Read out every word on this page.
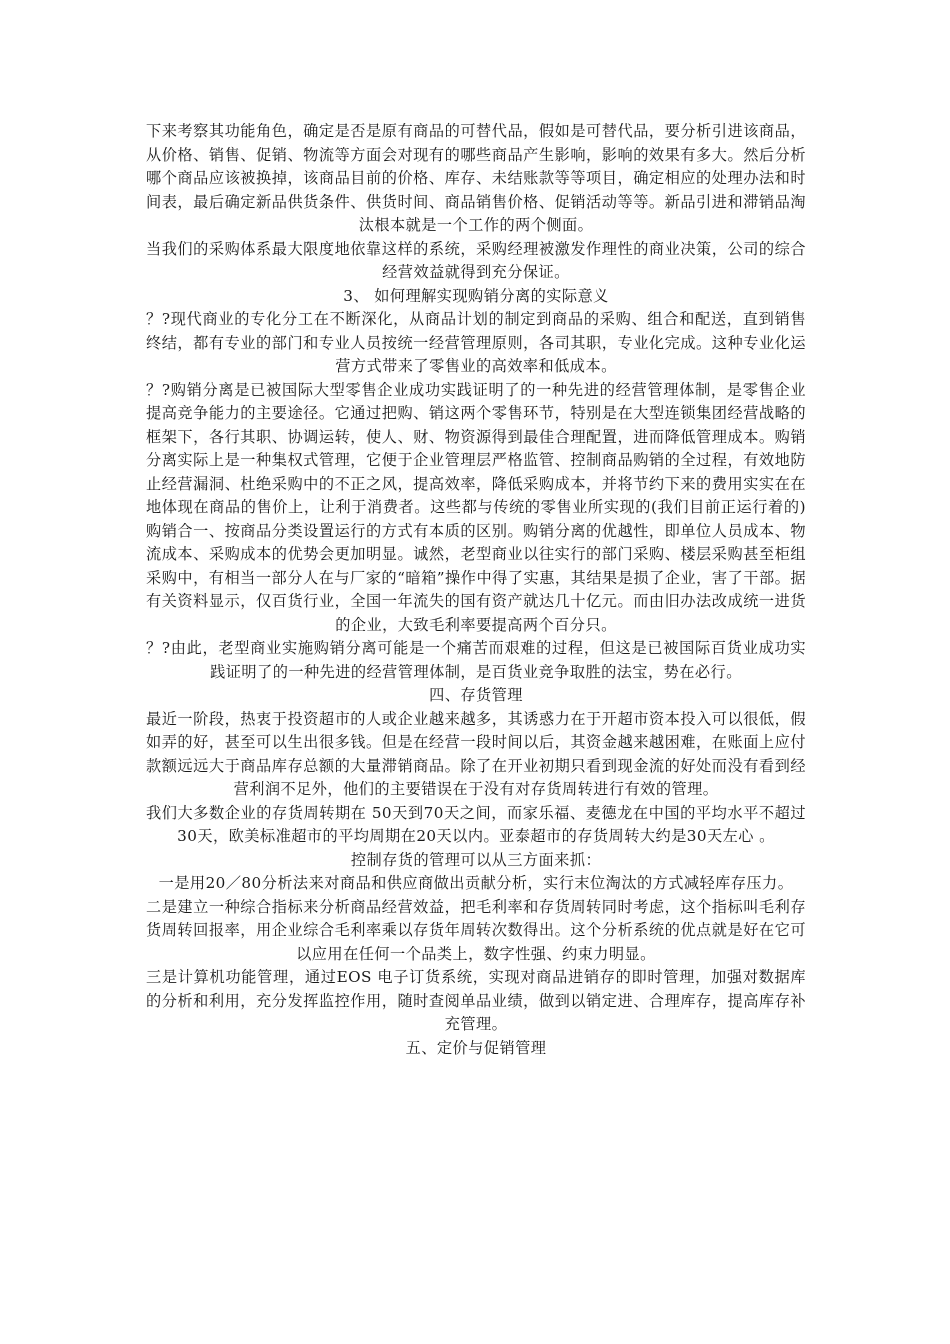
下来考察其功能角色，确定是否是原有商品的可替代品，假如是可替代品，要分析引进该商品，从价格、销售、促销、物流等方面会对现有的哪些商品产生影响，影响的效果有多大。然后分析哪个商品应该被换掉，该商品目前的价格、库存、未结账款等等项目，确定相应的处理办法和时间表，最后确定新品供货条件、供货时间、商品销售价格、促销活动等等。新品引进和滞销品淘汰根本就是一个工作的两个侧面。

当我们的采购体系最大限度地依靠这样的系统，采购经理被激发作理性的商业决策，公司的综合经营效益就得到充分保证。

3、 如何理解实现购销分离的实际意义

？?现代商业的专化分工在不断深化，从商品计划的制定到商品的采购、组合和配送，直到销售终结，都有专业的部门和专业人员按统一经营管理原则，各司其职，专业化完成。这种专业化运营方式带来了零售业的高效率和低成本。

？?购销分离是已被国际大型零售企业成功实践证明了的一种先进的经营管理体制，是零售企业提高竞争能力的主要途径。它通过把购、销这两个零售环节，特别是在大型连锁集团经营战略的框架下，各行其职、协调运转，使人、财、物资源得到最佳合理配置，进而降低管理成本。购销分离实际上是一种集权式管理，它便于企业管理层严格监管、控制商品购销的全过程，有效地防止经营漏洞、杜绝采购中的不正之风，提高效率，降低采购成本，并将节约下来的费用实实在在地体现在商品的售价上，让利于消费者。这些都与传统的零售业所实现的(我们目前正运行着的)购销合一、按商品分类设置运行的方式有本质的区别。购销分离的优越性，即单位人员成本、物流成本、采购成本的优势会更加明显。诚然，老型商业以往实行的部门采购、楼层采购甚至柜组采购中，有相当一部分人在与厂家的“暗箱”操作中得了实惠，其结果是损了企业，害了干部。据有关资料显示，仅百货行业，全国一年流失的国有资产就达几十亿元。而由旧办法改成统一进货的企业，大致毛利率要提高两个百分只。

？?由此，老型商业实施购销分离可能是一个痛苦而艰难的过程，但这是已被国际百货业成功实践证明了的一种先进的经营管理体制，是百货业竞争取胜的法宝，势在必行。

四、存货管理

最近一阶段，热衷于投资超市的人或企业越来越多，其诱惑力在于开超市资本投入可以很低，假如弄的好，甚至可以生出很多钱。但是在经营一段时间以后，其资金越来越困难，在账面上应付款额远远大于商品库存总额的大量滞销商品。除了在开业初期只看到现金流的好处而没有看到经营利润不足外，他们的主要错误在于没有对存货周转进行有效的管理。

我们大多数企业的存货周转期在 50天到70天之间，而家乐福、麦德龙在中国的平均水平不超过30天，欧美标准超市的平均周期在20天以内。亚泰超市的存货周转大约是30天左心 。

控制存货的管理可以从三方面来抓：

一是用20／80分析法来对商品和供应商做出贡献分析，实行末位淘汰的方式减轻库存压力。

二是建立一种综合指标来分析商品经营效益，把毛利率和存货周转同时考虑，这个指标叫毛利存货周转回报率，用企业综合毛利率乘以存货年周转次数得出。这个分析系统的优点就是好在它可以应用在任何一个品类上，数字性强、约束力明显。

三是计算机功能管理，通过EOS 电子订货系统，实现对商品进销存的即时管理，加强对数据库的分析和利用，充分发挥监控作用，随时查阅单品业绩，做到以销定进、合理库存，提高库存补充管理。

五、定价与促销管理
